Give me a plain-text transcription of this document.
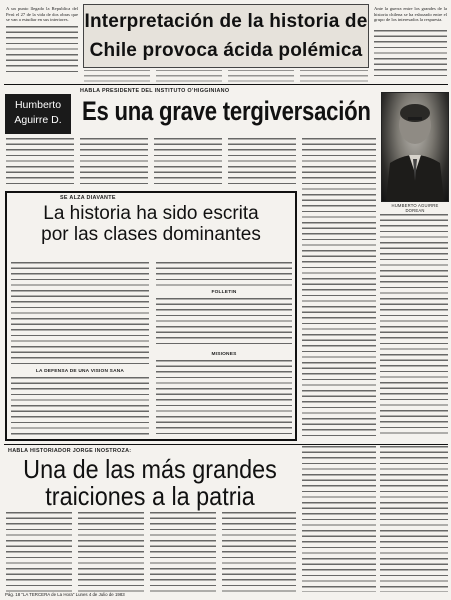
A un punto llegado la Republica del Perú el 27 de la vida de dos obras que se van a estudiar en sus interiores. Interpretación de la historia de
Chile provoca ácida polémica
Ante la guerra entre los grandes de la historia chilena se ha esbozado entre el grupo de los interesados la respuesta.
HABLA PRESIDENTE DEL INSTITUTO O’HIGGINIANO
Humberto
Aguirre D. Es una grave tergiversación
HUMBERTO AGUIRRE
DOREAN
SE ALZA DIAVANTE
La historia ha sido escrita
por las clases dominantes
LA DEFENSA DE UNA VISION SANA
FOLLETIN
MISIONES
HABLA HISTORIADOR JORGE INOSTROZA:
Una de las más grandes
traiciones a la patria
Pág. 18 "LA TERCERA de La Hora" Lunes 4 de Julio de 1983
